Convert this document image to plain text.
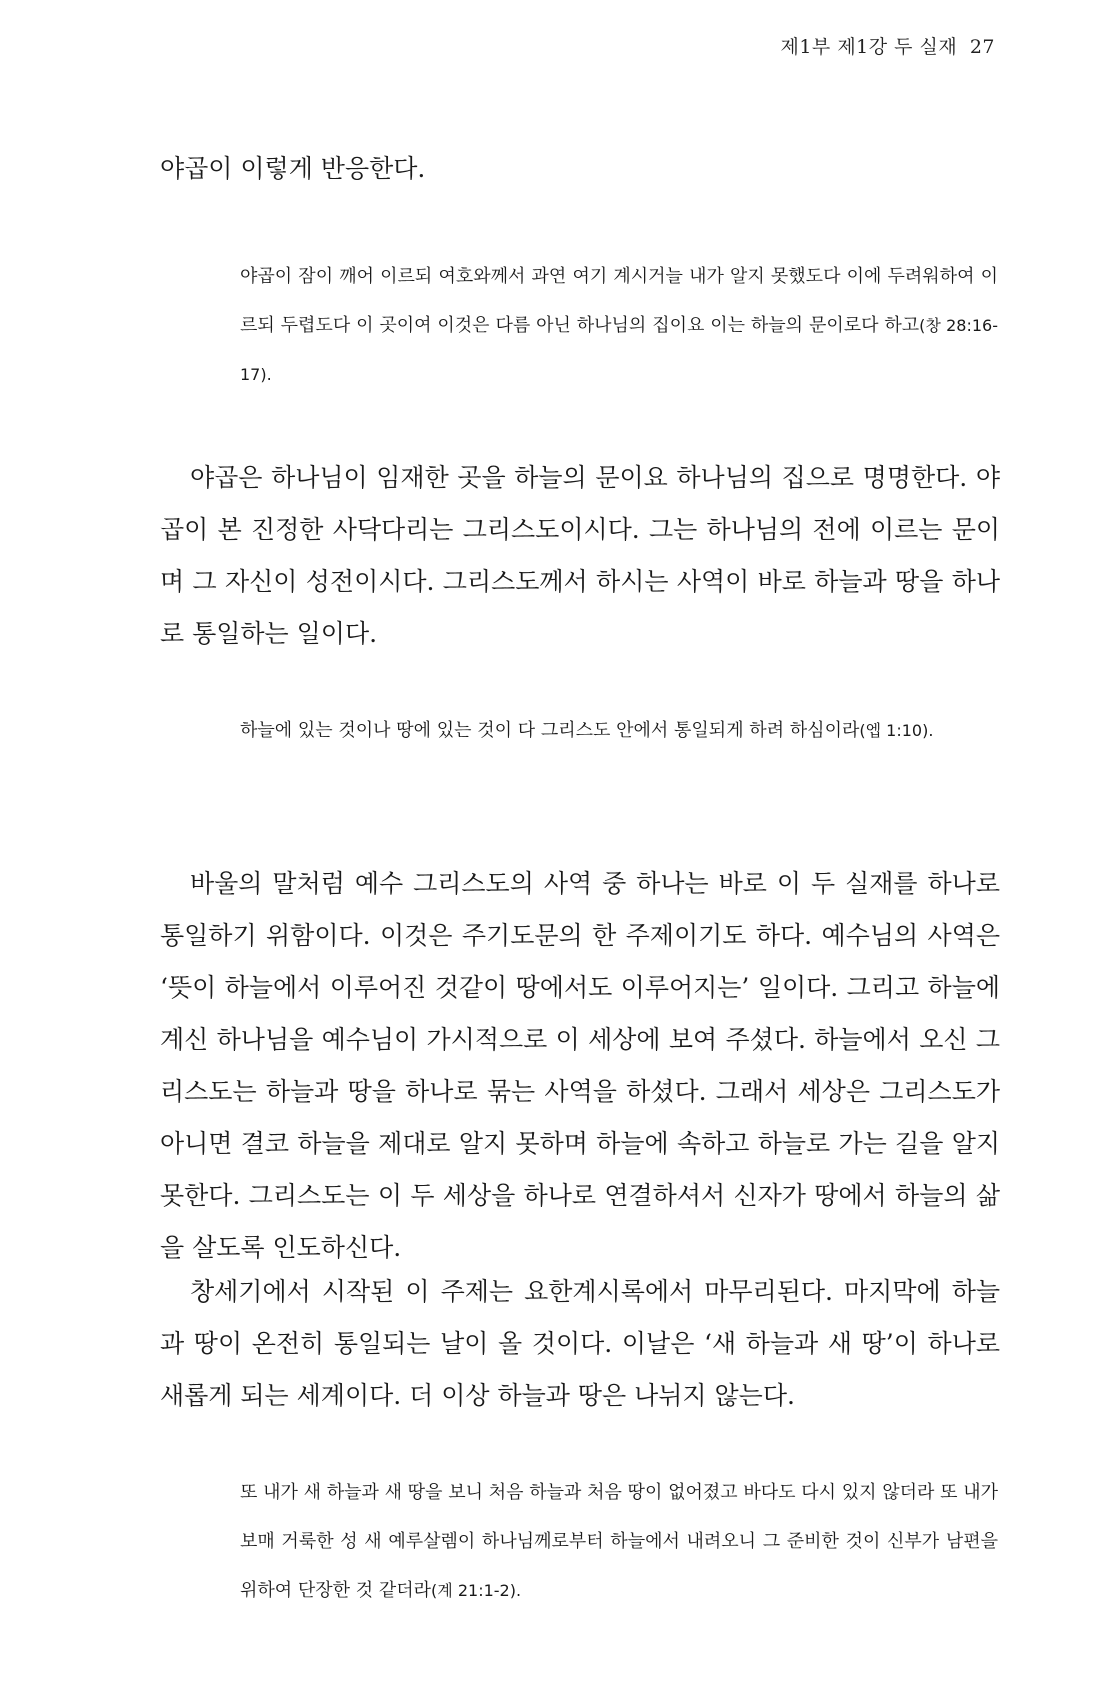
제1부 제1강 두 실재 27

야곱이 이렇게 반응한다.

야곱이 잠이 깨어 이르되 여호와께서 과연 여기 계시거늘 내가 알지 못했도다 이에 두려워하여 이르되 두렵도다 이 곳이여 이것은 다름 아닌 하나님의 집이요 이는 하늘의 문이로다 하고(창 28:16-17).

야곱은 하나님이 임재한 곳을 하늘의 문이요 하나님의 집으로 명명한다. 야곱이 본 진정한 사닥다리는 그리스도이시다. 그는 하나님의 전에 이르는 문이며 그 자신이 성전이시다. 그리스도께서 하시는 사역이 바로 하늘과 땅을 하나로 통일하는 일이다.

하늘에 있는 것이나 땅에 있는 것이 다 그리스도 안에서 통일되게 하려 하심이라(엡 1:10).

바울의 말처럼 예수 그리스도의 사역 중 하나는 바로 이 두 실재를 하나로 통일하기 위함이다. 이것은 주기도문의 한 주제이기도 하다. 예수님의 사역은 ‘뜻이 하늘에서 이루어진 것같이 땅에서도 이루어지는’ 일이다. 그리고 하늘에 계신 하나님을 예수님이 가시적으로 이 세상에 보여 주셨다. 하늘에서 오신 그리스도는 하늘과 땅을 하나로 묶는 사역을 하셨다. 그래서 세상은 그리스도가 아니면 결코 하늘을 제대로 알지 못하며 하늘에 속하고 하늘로 가는 길을 알지 못한다. 그리스도는 이 두 세상을 하나로 연결하셔서 신자가 땅에서 하늘의 삶을 살도록 인도하신다.

창세기에서 시작된 이 주제는 요한계시록에서 마무리된다. 마지막에 하늘과 땅이 온전히 통일되는 날이 올 것이다. 이날은 ‘새 하늘과 새 땅’이 하나로 새롭게 되는 세계이다. 더 이상 하늘과 땅은 나뉘지 않는다.

또 내가 새 하늘과 새 땅을 보니 처음 하늘과 처음 땅이 없어졌고 바다도 다시 있지 않더라 또 내가 보매 거룩한 성 새 예루살렘이 하나님께로부터 하늘에서 내려오니 그 준비한 것이 신부가 남편을 위하여 단장한 것 같더라(계 21:1-2).
